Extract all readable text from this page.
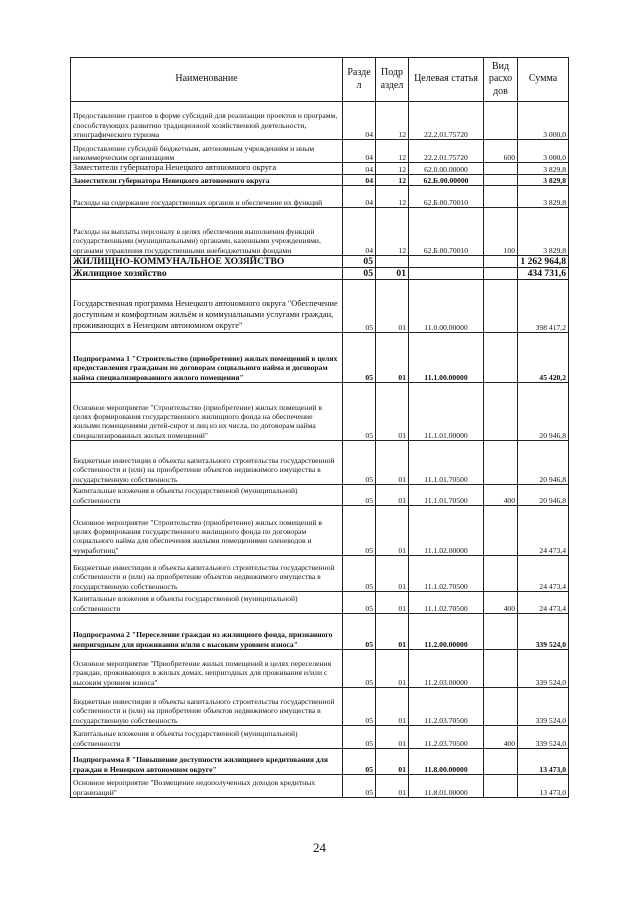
Наименование	Разде л	Подр аздел	Целевая статья	Вид расхо дов	Сумма
Предоставление грантов в форме субсидий для реализации проектов и программ, способствующих развитию традиционной хозяйственной деятельности, этнографического туризма	04	12	22.2.01.75720		3 000,0
Предоставление субсидий бюджетным, автономным учреждениям и иным некоммерческим организациям	04	12	22.2.01.75720	600	3 000,0
Заместители губернатора Ненецкого автономного округа	04	12	62.0.00.00000		3 829,8
Заместители губернатора Ненецкого автономного округа	04	12	62.Б.00.00000		3 829,8
Расходы на содержание государственных органов и обеспечение их функций	04	12	62.Б.00.70010		3 829,8
Расходы на выплаты персоналу в целях обеспечения выполнения функций государственными (муниципальными) органами, казенными учреждениями, органами управления государственными внебюджетными фондами	04	12	62.Б.00.70010	100	3 829,8
ЖИЛИЩНО-КОММУНАЛЬНОЕ ХОЗЯЙСТВО	05				1 262 964,8
Жилищное хозяйство	05	01			434 731,6
Государственная программа Ненецкого автономного округа "Обеспечение доступным и комфортным жильём и коммунальными услугами граждан, проживающих в Ненецком автономном округе"	05	01	11.0.00.00000		398 417,2
Подпрограмма 1 "Строительство (приобретение) жилых помещений в целях предоставления гражданам по договорам социального найма и договорам найма специализированного жилого помещения"	05	01	11.1.00.00000		45 420,2
Основное мероприятие "Строительство (приобретение) жилых помещений в целях формирования государственного жилищного фонда на обеспечение жилыми помещениями детей-сирот и лиц из их числа, по договорам найма специализированных жилых помещений"	05	01	11.1.01.00000		20 946,8
Бюджетные инвестиции в объекты капитального строительства государственной собственности и (или) на приобретение объектов недвижимого имущества в государственную собственность	05	01	11.1.01.70500		20 946,8
Капитальные вложения в объекты государственной (муниципальной) собственности	05	01	11.1.01.70500	400	20 946,8
Основное мероприятие "Строительство (приобретение) жилых помещений в целях формирования государственного жилищного фонда по договорам социального найма для обеспечения жилыми помещениями оленеводов и чумработниц"	05	01	11.1.02.00000		24 473,4
Бюджетные инвестиции в объекты капитального строительства государственной собственности и (или) на приобретение объектов недвижимого имущества в государственную собственность	05	01	11.1.02.70500		24 473,4
Капитальные вложения в объекты государственной (муниципальной) собственности	05	01	11.1.02.70500	400	24 473,4
Подпрограмма 2 "Переселение граждан из жилищного фонда, признанного непригодным для проживания и/или с высоким уровнем износа"	05	01	11.2.00.00000		339 524,0
Основное мероприятие "Приобретение жилых помещений в целях переселения граждан, проживающих в жилых домах, непригодных для проживания и/или с высоким уровнем износа"	05	01	11.2.03.00000		339 524,0
Бюджетные инвестиции в объекты капитального строительства государственной собственности и (или) на приобретение объектов недвижимого имущества в государственную собственность	05	01	11.2.03.70500		339 524,0
Капитальные вложения в объекты государственной (муниципальной) собственности	05	01	11.2.03.70500	400	339 524,0
Подпрограмма 8 "Повышение доступности жилищного кредитования для граждан в Ненецком автономном округе"	05	01	11.8.00.00000		13 473,0
Основное мероприятие "Возмещение недополученных доходов кредитных организаций"	05	01	11.8.01.00000		13 473,0
24
